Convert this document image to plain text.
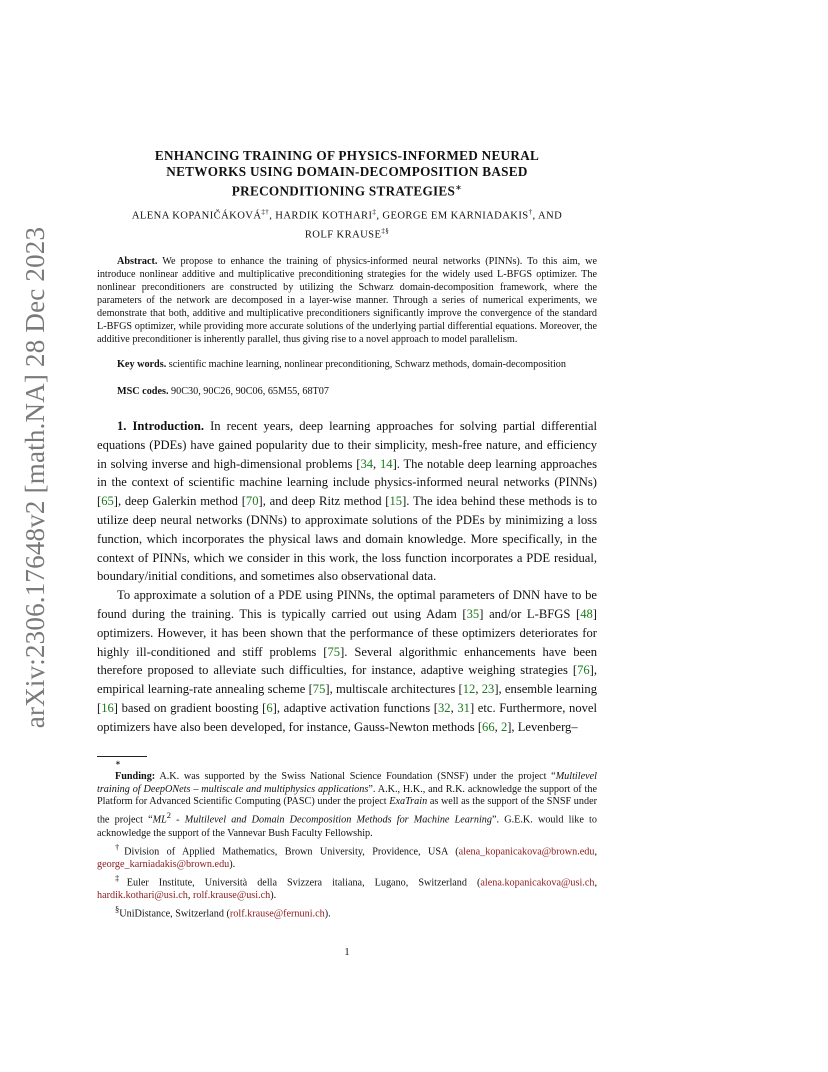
arXiv:2306.17648v2 [math.NA] 28 Dec 2023
ENHANCING TRAINING OF PHYSICS-INFORMED NEURAL
NETWORKS USING DOMAIN-DECOMPOSITION BASED
PRECONDITIONING STRATEGIES∗
ALENA KOPANIČÁKOVÁ‡†, HARDIK KOTHARI‡, GEORGE EM KARNIADAKIS†, AND
ROLF KRAUSE‡§

Abstract. We propose to enhance the training of physics-informed neural networks (PINNs). To this aim, we introduce nonlinear additive and multiplicative preconditioning strategies for the widely used L-BFGS optimizer. The nonlinear preconditioners are constructed by utilizing the Schwarz domain-decomposition framework, where the parameters of the network are decomposed in a layer-wise manner. Through a series of numerical experiments, we demonstrate that both, additive and multiplicative preconditioners significantly improve the convergence of the standard L-BFGS optimizer, while providing more accurate solutions of the underlying partial differential equations. Moreover, the additive preconditioner is inherently parallel, thus giving rise to a novel approach to model parallelism.

Key words. scientific machine learning, nonlinear preconditioning, Schwarz methods, domain-decomposition

MSC codes. 90C30, 90C26, 90C06, 65M55, 68T07

1. Introduction. In recent years, deep learning approaches for solving partial differential equations (PDEs) have gained popularity due to their simplicity, mesh-free nature, and efficiency in solving inverse and high-dimensional problems [34, 14]. The notable deep learning approaches in the context of scientific machine learning include physics-informed neural networks (PINNs) [65], deep Galerkin method [70], and deep Ritz method [15]. The idea behind these methods is to utilize deep neural networks (DNNs) to approximate solutions of the PDEs by minimizing a loss function, which incorporates the physical laws and domain knowledge. More specifically, in the context of PINNs, which we consider in this work, the loss function incorporates a PDE residual, boundary/initial conditions, and sometimes also observational data.

To approximate a solution of a PDE using PINNs, the optimal parameters of DNN have to be found during the training. This is typically carried out using Adam [35] and/or L-BFGS [48] optimizers. However, it has been shown that the performance of these optimizers deteriorates for highly ill-conditioned and stiff problems [75]. Several algorithmic enhancements have been therefore proposed to alleviate such difficulties, for instance, adaptive weighing strategies [76], empirical learning-rate annealing scheme [75], multiscale architectures [12, 23], ensemble learning [16] based on gradient boosting [6], adaptive activation functions [32, 31] etc. Furthermore, novel optimizers have also been developed, for instance, Gauss-Newton methods [66, 2], Levenberg–

∗

Funding: A.K. was supported by the Swiss National Science Foundation (SNSF) under the project “Multilevel training of DeepONets – multiscale and multiphysics applications”. A.K., H.K., and R.K. acknowledge the support of the Platform for Advanced Scientific Computing (PASC) under the project ExaTrain as well as the support of the SNSF under the project “$ML^2$ - Multilevel and Domain Decomposition Methods for Machine Learning”. G.E.K. would like to acknowledge the support of the Vannevar Bush Faculty Fellowship.

†Division of Applied Mathematics, Brown University, Providence, USA (alena_kopanicakova@brown.edu, george_karniadakis@brown.edu).

‡Euler Institute, Università della Svizzera italiana, Lugano, Switzerland (alena.kopanicakova@usi.ch, hardik.kothari@usi.ch, rolf.krause@usi.ch).

§UniDistance, Switzerland (rolf.krause@fernuni.ch).

1
